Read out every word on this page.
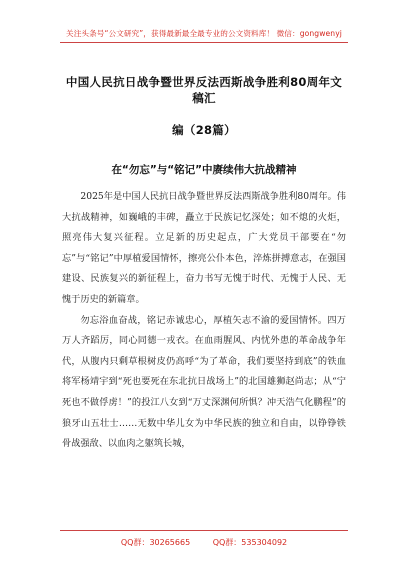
关注头条号“公文研究”，获得最新最全最专业的公文资料库！ 微信：gongwenyj
中国人民抗日战争暨世界反法西斯战争胜利80周年文稿汇
编（28篇）
在“勿忘”与“铭记”中赓续伟大抗战精神

2025年是中国人民抗日战争暨世界反法西斯战争胜利80周年。伟大抗战精神，如巍峨的丰碑，矗立于民族记忆深处；如不熄的火炬，照亮伟大复兴征程。立足新的历史起点，广大党员干部要在“勿忘”与“铭记”中厚植爱国情怀，擦亮公仆本色，淬炼拼搏意志，在强国建设、民族复兴的新征程上，奋力书写无愧于时代、无愧于人民、无愧于历史的新篇章。

勿忘浴血奋战，铭记赤诚忠心，厚植矢志不渝的爱国情怀。四万万人齐蹈厉，同心同德一戎衣。在血雨腥风、内忧外患的革命战争年代，从腹内只剩草根树皮仍高呼“为了革命，我们要坚持到底”的铁血将军杨靖宇到“死也要死在东北抗日战场上”的北国雄狮赵尚志；从“宁死也不做俘虏！”的投江八女到“万丈深渊何所惧？冲天浩气化鹏程”的狼牙山五壮士……无数中华儿女为中华民族的独立和自由，以铮铮铁骨战强敌、以血肉之躯筑长城，

QQ群：30265665	QQ群：535304092
